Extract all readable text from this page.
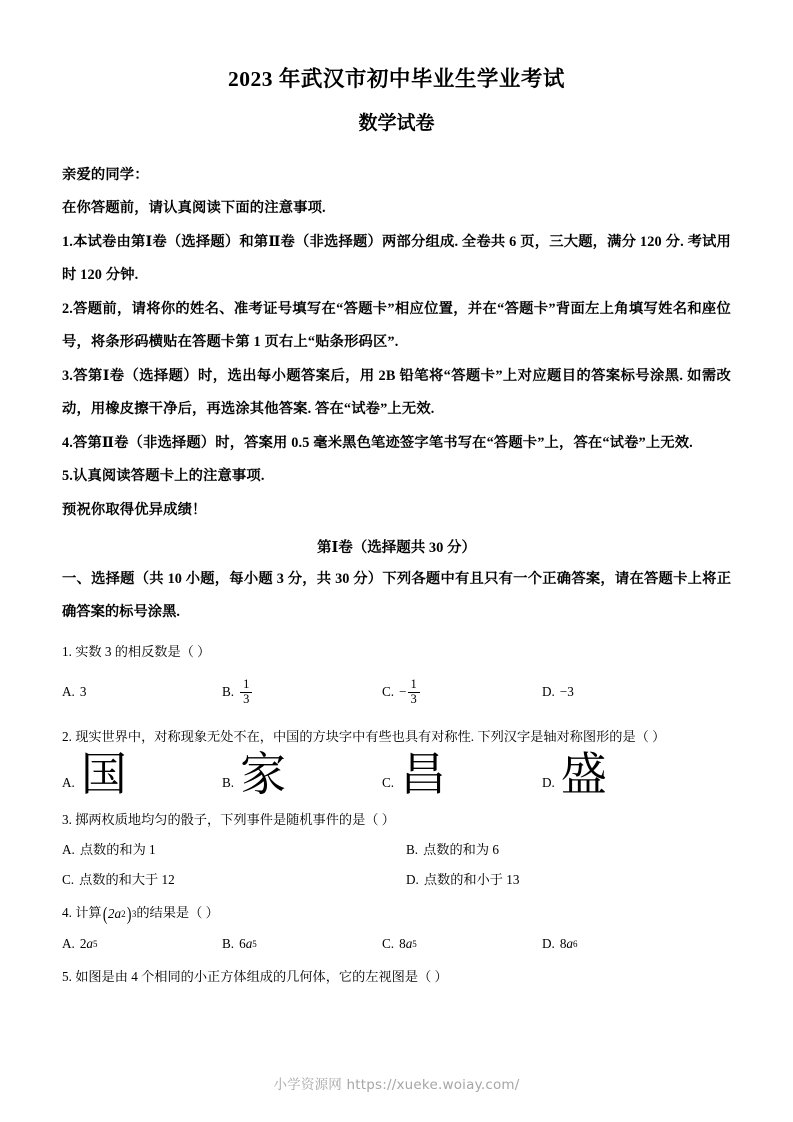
2023 年武汉市初中毕业生学业考试
数学试卷

亲爱的同学：

在你答题前，请认真阅读下面的注意事项.

1.本试卷由第Ⅰ卷（选择题）和第Ⅱ卷（非选择题）两部分组成. 全卷共 6 页，三大题，满分 120 分. 考试用时 120 分钟.

2.答题前，请将你的姓名、准考证号填写在“答题卡”相应位置，并在“答题卡”背面左上角填写姓名和座位号，将条形码横贴在答题卡第 1 页右上“贴条形码区”.

3.答第Ⅰ卷（选择题）时，选出每小题答案后，用 2B 铅笔将“答题卡”上对应题目的答案标号涂黑. 如需改动，用橡皮擦干净后，再选涂其他答案. 答在“试卷”上无效.

4.答第Ⅱ卷（非选择题）时，答案用 0.5 毫米黑色笔迹签字笔书写在“答题卡”上，答在“试卷”上无效.

5.认真阅读答题卡上的注意事项.

预祝你取得优异成绩！

第Ⅰ卷（选择题共 30 分）

一、选择题（共 10 小题，每小题 3 分，共 30 分）下列各题中有且只有一个正确答案，请在答题卡上将正确答案的标号涂黑.

1. 实数 3 的相反数是（ ）

A. 3	B. $\frac{1}{3}$	C. − $\frac{1}{3}$	D. −3

2. 现实世界中，对称现象无处不在，中国的方块字中有些也具有对称性. 下列汉字是轴对称图形的是（ ）

A. 国	B. 家	C. 昌	D. 盛

3. 掷两枚质地均匀的骰子，下列事件是随机事件的是（ ）

A. 点数的和为 1	B. 点数的和为 6
C. 点数的和大于 12	D. 点数的和小于 13

4. 计算 ( 2a 2 ) 3 的结果是（ ）

A. 2 a 5	B. 6 a 5	C. 8 a 5	D. 8 a 6

5. 如图是由 4 个相同的小正方体组成的几何体，它的左视图是（ ）

小学资源网 https://xueke.woiay.com/
